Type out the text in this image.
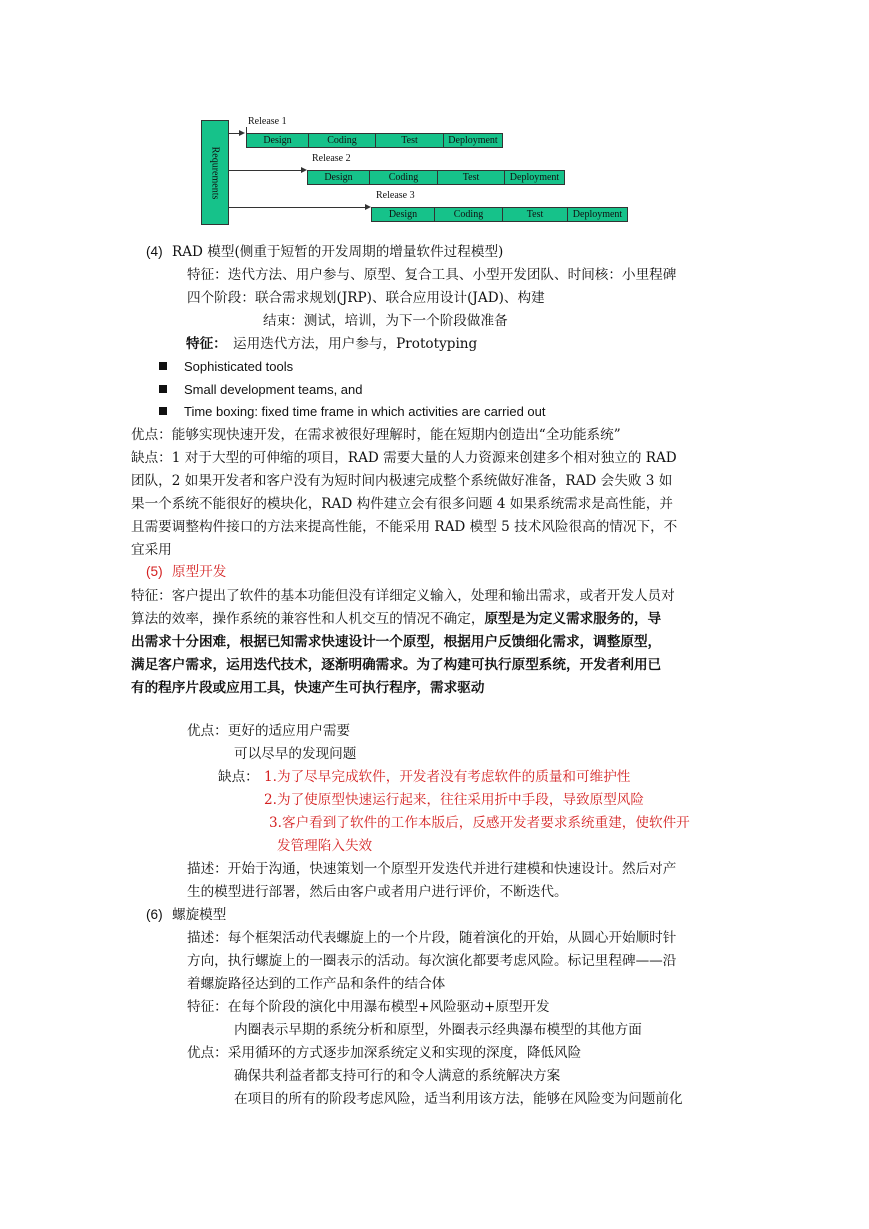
Requrements
Release 1
Design	Coding	Test	Deployment
Release 2
Design	Coding	Test	Deployment
Release 3
Design	Coding	Test	Deployment
(4) RAD 模型(侧重于短暂的开发周期的增量软件过程模型)
特征：迭代方法、用户参与、原型、复合工具、小型开发团队、时间核：小里程碑
四个阶段：联合需求规划(JRP)、联合应用设计(JAD)、构建
结束：测试，培训，为下一个阶段做准备
特征： 运用迭代方法，用户参与，Prototyping
Sophisticated tools
Small development teams, and
Time boxing: fixed time frame in which activities are carried out
优点：能够实现快速开发，在需求被很好理解时，能在短期内创造出“全功能系统”
缺点：1 对于大型的可伸缩的项目，RAD 需要大量的人力资源来创建多个相对独立的 RAD
团队，2 如果开发者和客户没有为短时间内极速完成整个系统做好准备，RAD 会失败 3 如
果一个系统不能很好的模块化，RAD 构件建立会有很多问题 4 如果系统需求是高性能，并
且需要调整构件接口的方法来提高性能，不能采用 RAD 模型 5 技术风险很高的情况下，不
宜采用
(5) 原型开发
特征：客户提出了软件的基本功能但没有详细定义输入，处理和输出需求，或者开发人员对
算法的效率，操作系统的兼容性和人机交互的情况不确定，原型是为定义需求服务的，导
出需求十分困难，根据已知需求快速设计一个原型，根据用户反馈细化需求，调整原型，
满足客户需求，运用迭代技术，逐渐明确需求。为了构建可执行原型系统，开发者利用已
有的程序片段或应用工具，快速产生可执行程序，需求驱动
优点：更好的适应用户需要
可以尽早的发现问题
缺点： 1.为了尽早完成软件，开发者没有考虑软件的质量和可维护性
2.为了使原型快速运行起来，往往采用折中手段，导致原型风险
3.客户看到了软件的工作本版后，反感开发者要求系统重建，使软件开
发管理陷入失效
描述：开始于沟通，快速策划一个原型开发迭代并进行建模和快速设计。然后对产
生的模型进行部署，然后由客户或者用户进行评价，不断迭代。
(6) 螺旋模型
描述：每个框架活动代表螺旋上的一个片段，随着演化的开始，从圆心开始顺时针
方向，执行螺旋上的一圈表示的活动。每次演化都要考虑风险。标记里程碑——沿
着螺旋路径达到的工作产品和条件的结合体
特征：在每个阶段的演化中用瀑布模型+风险驱动+原型开发
内圈表示早期的系统分析和原型，外圈表示经典瀑布模型的其他方面
优点：采用循环的方式逐步加深系统定义和实现的深度，降低风险
确保共利益者都支持可行的和令人满意的系统解决方案
在项目的所有的阶段考虑风险，适当利用该方法，能够在风险变为问题前化
